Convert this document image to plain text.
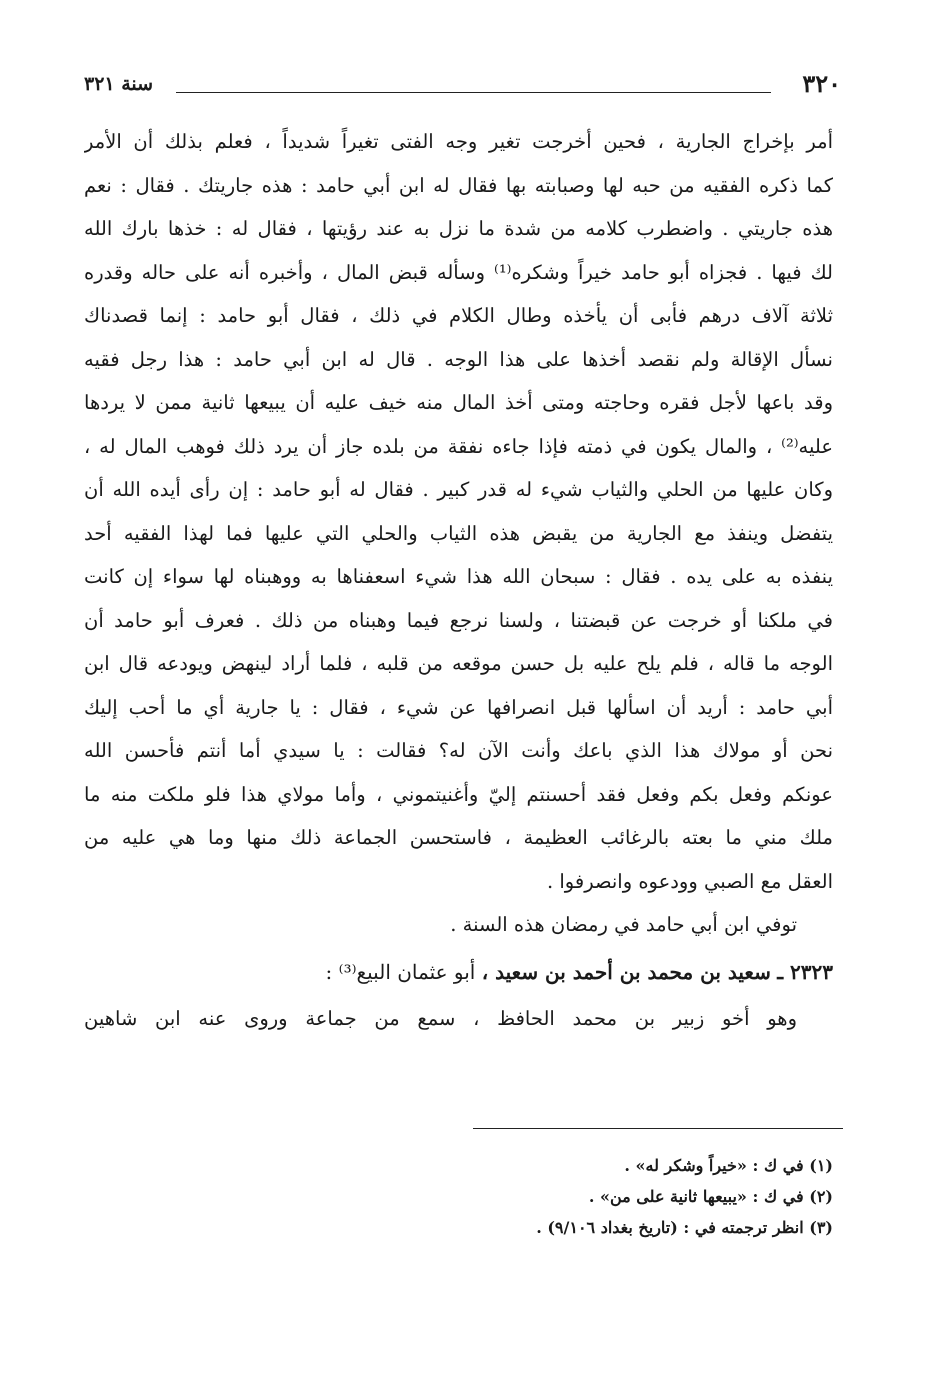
٣٢٠
سنة ٣٢١
أمر بإخراج الجارية ، فحين أخرجت تغير وجه الفتى تغيراً شديداً ، فعلم بذلك أن الأمر
كما ذكره الفقيه من حبه لها وصبابته بها فقال له ابن أبي حامد : هذه جاريتك . فقال : نعم
هذه جاريتي . واضطرب كلامه من شدة ما نزل به عند رؤيتها ، فقال له : خذها بارك الله
لك فيها . فجزاه أبو حامد خيراً وشكره⁽¹⁾ وسأله قبض المال ، وأخبره أنه على حاله وقدره
ثلاثة آلاف درهم فأبى أن يأخذه وطال الكلام في ذلك ، فقال أبو حامد : إنما قصدناك
نسأل الإقالة ولم نقصد أخذها على هذا الوجه . قال له ابن أبي حامد : هذا رجل فقيه
وقد باعها لأجل فقره وحاجته ومتى أخذ المال منه خيف عليه أن يبيعها ثانية ممن لا يردها
عليه⁽²⁾ ، والمال يكون في ذمته فإذا جاءه نفقة من بلده جاز أن يرد ذلك فوهب المال له ،
وكان عليها من الحلي والثياب شيء له قدر كبير . فقال له أبو حامد : إن رأى أيده الله أن
يتفضل وينفذ مع الجارية من يقبض هذه الثياب والحلي التي عليها فما لهذا الفقيه أحد
ينفذه به على يده . فقال : سبحان الله هذا شيء اسعفناها به ووهبناه لها سواء إن كانت
في ملكنا أو خرجت عن قبضتنا ، ولسنا نرجع فيما وهبناه من ذلك . فعرف أبو حامد أن
الوجه ما قاله ، فلم يلح عليه بل حسن موقعه من قلبه ، فلما أراد لينهض ويودعه قال ابن
أبي حامد : أريد أن اسألها قبل انصرافها عن شيء ، فقال : يا جارية أي ما أحب إليك
نحن أو مولاك هذا الذي باعك وأنت الآن له؟ فقالت : يا سيدي أما أنتم فأحسن الله
عونكم وفعل بكم وفعل فقد أحسنتم إليّ وأغنيتموني ، وأما مولاي هذا فلو ملكت منه ما
ملك مني ما بعته بالرغائب العظيمة ، فاستحسن الجماعة ذلك منها وما هي عليه من
العقل مع الصبي وودعوه وانصرفوا .
توفي ابن أبي حامد في رمضان هذه السنة .
٢٣٢٣ ـ سعيد بن محمد بن أحمد بن سعيد ، أبو عثمان البيع⁽³⁾ :
وهو أخو زبير بن محمد الحافظ ، سمع من جماعة وروى عنه ابن شاهين
(١) في ك : «خيراً وشكر له» .
(٢) في ك : «يبيعها ثانية على من» .
(٣) انظر ترجمته في : (تاريخ بغداد ٩/١٠٦) .
